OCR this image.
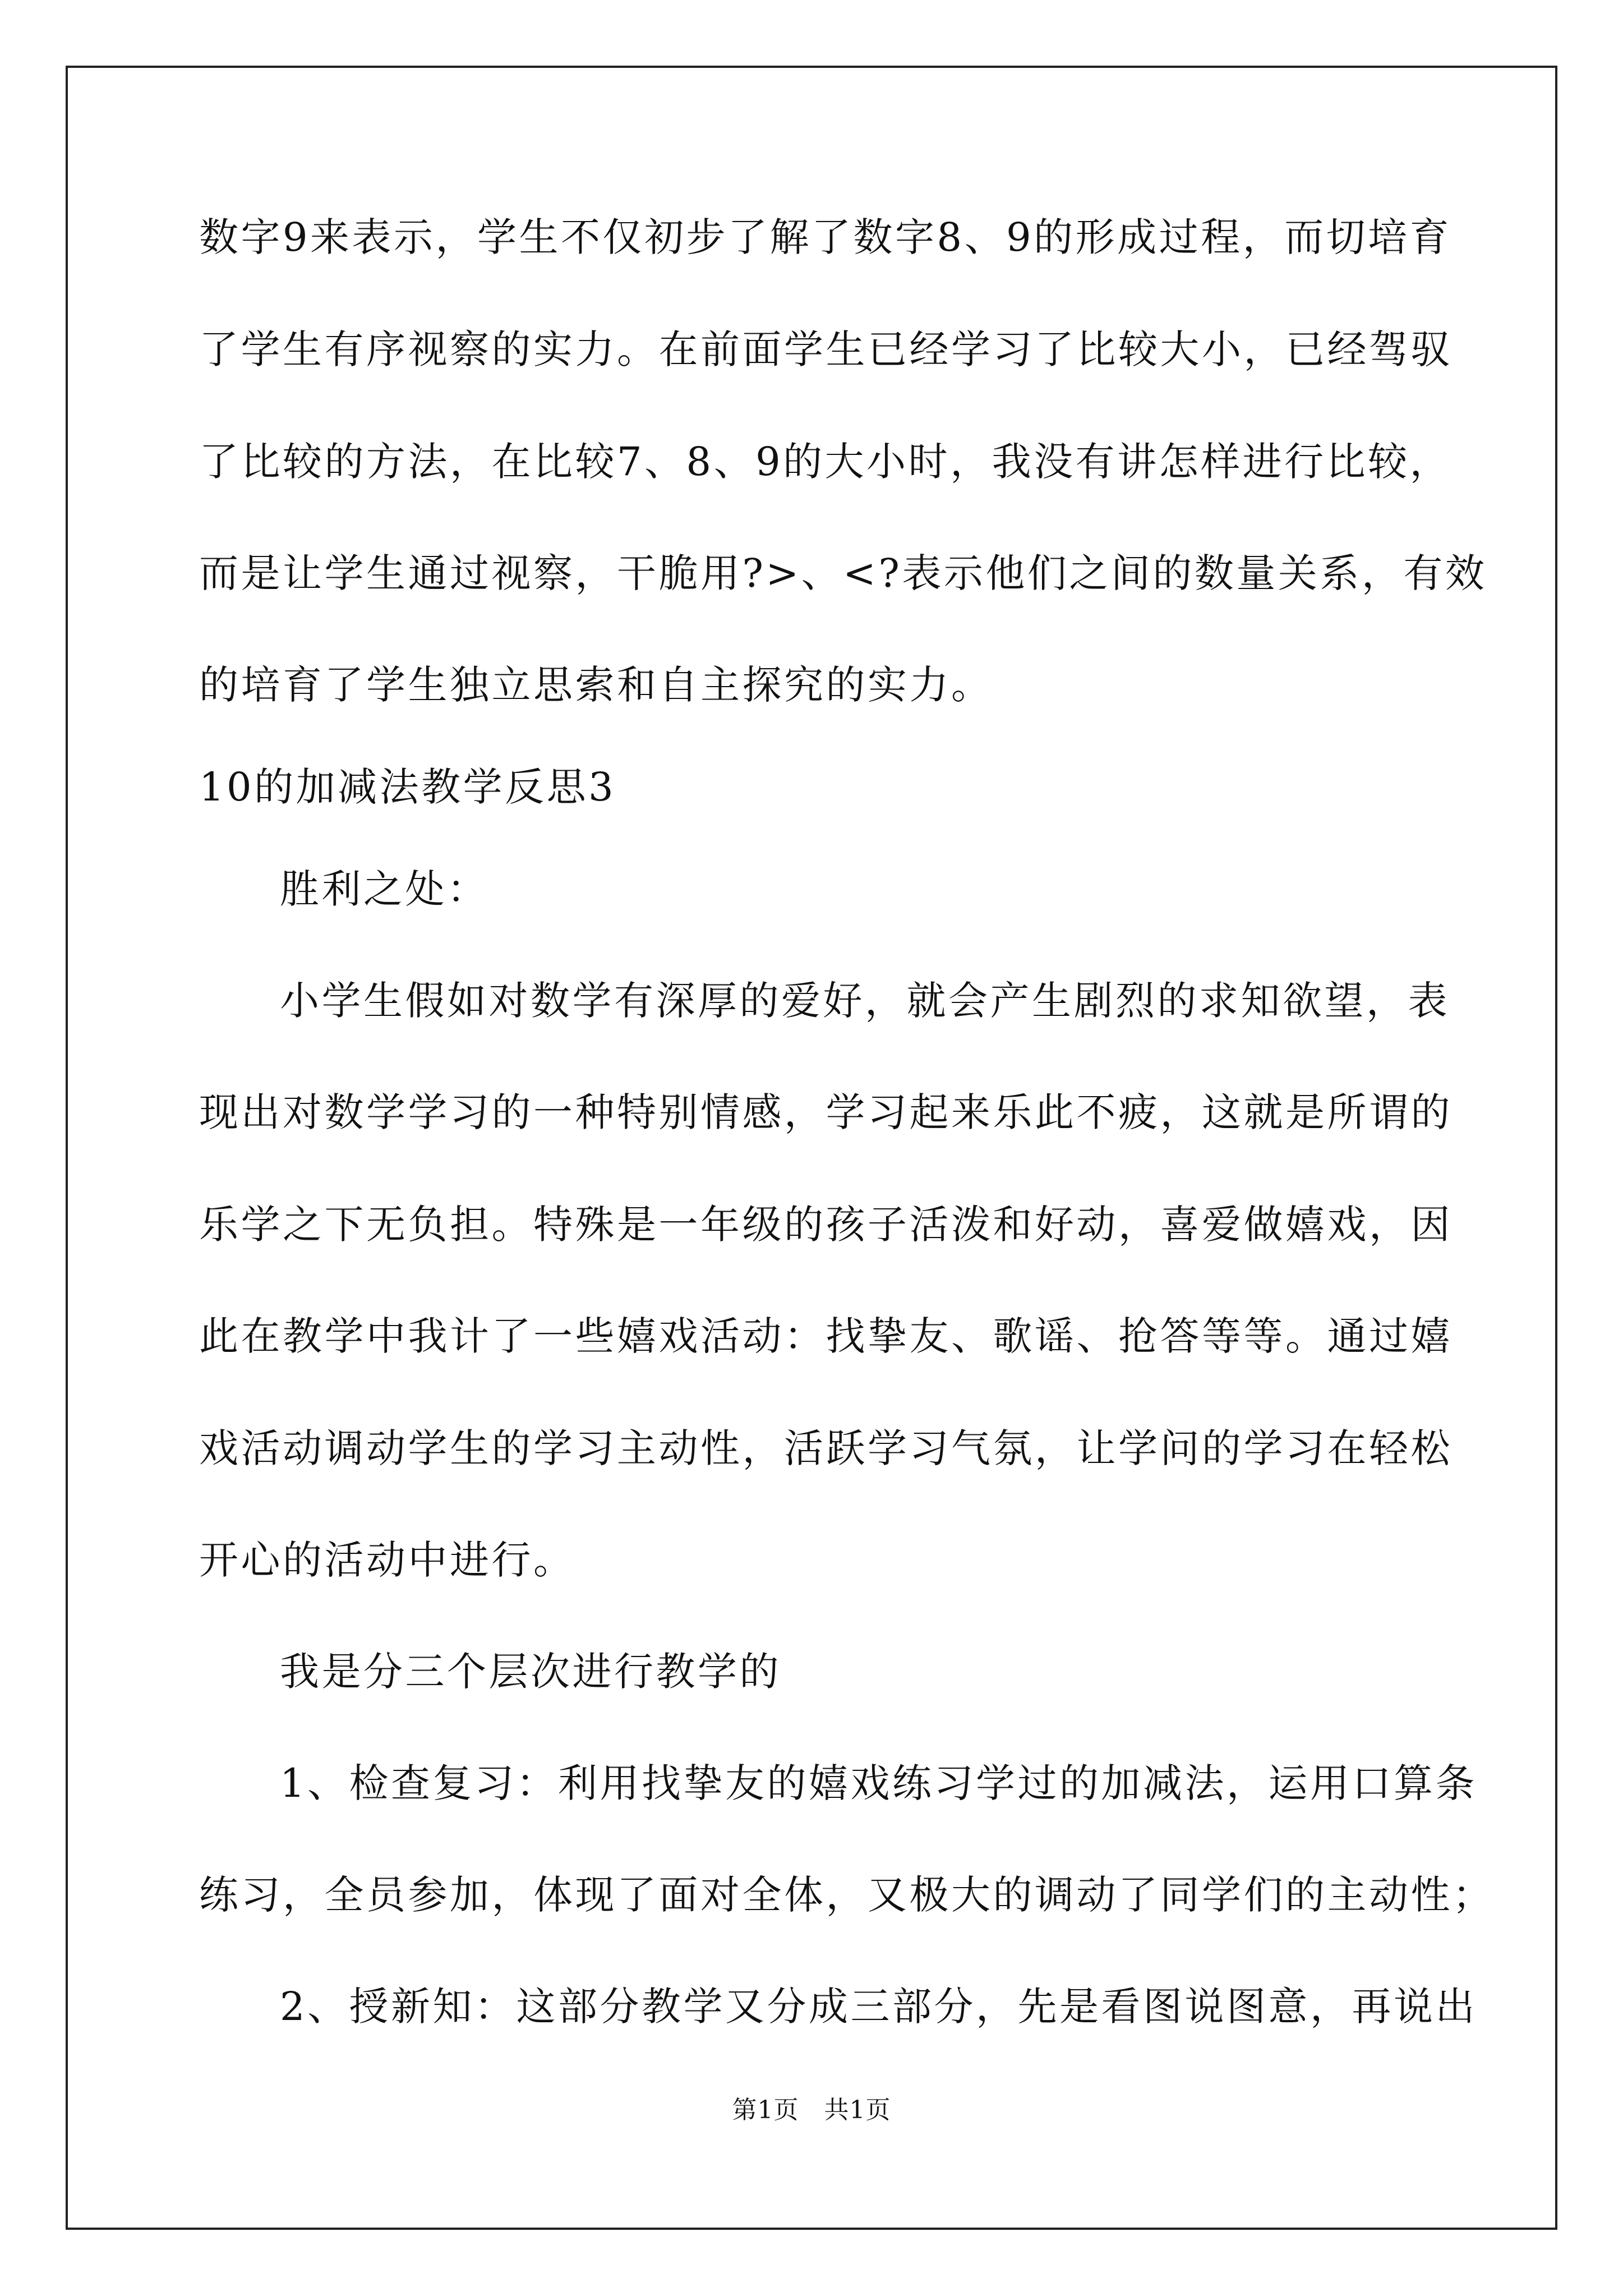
数字9来表示，学生不仅初步了解了数字8、9的形成过程，而切培育
了学生有序视察的实力。在前面学生已经学习了比较大小，已经驾驭
了比较的方法，在比较7、8、9的大小时，我没有讲怎样进行比较，
而是让学生通过视察，干脆用?>、<?表示他们之间的数量关系，有效
的培育了学生独立思索和自主探究的实力。
10的加减法教学反思3
胜利之处：
小学生假如对数学有深厚的爱好，就会产生剧烈的求知欲望，表
现出对数学学习的一种特别情感，学习起来乐此不疲，这就是所谓的
乐学之下无负担。特殊是一年级的孩子活泼和好动，喜爱做嬉戏，因
此在教学中我计了一些嬉戏活动：找挚友、歌谣、抢答等等。通过嬉
戏活动调动学生的学习主动性，活跃学习气氛，让学问的学习在轻松
开心的活动中进行。
我是分三个层次进行教学的
1、检查复习：利用找挚友的嬉戏练习学过的加减法，运用口算条
练习，全员参加，体现了面对全体，又极大的调动了同学们的主动性；
2、授新知：这部分教学又分成三部分，先是看图说图意，再说出
第1页   共1页
